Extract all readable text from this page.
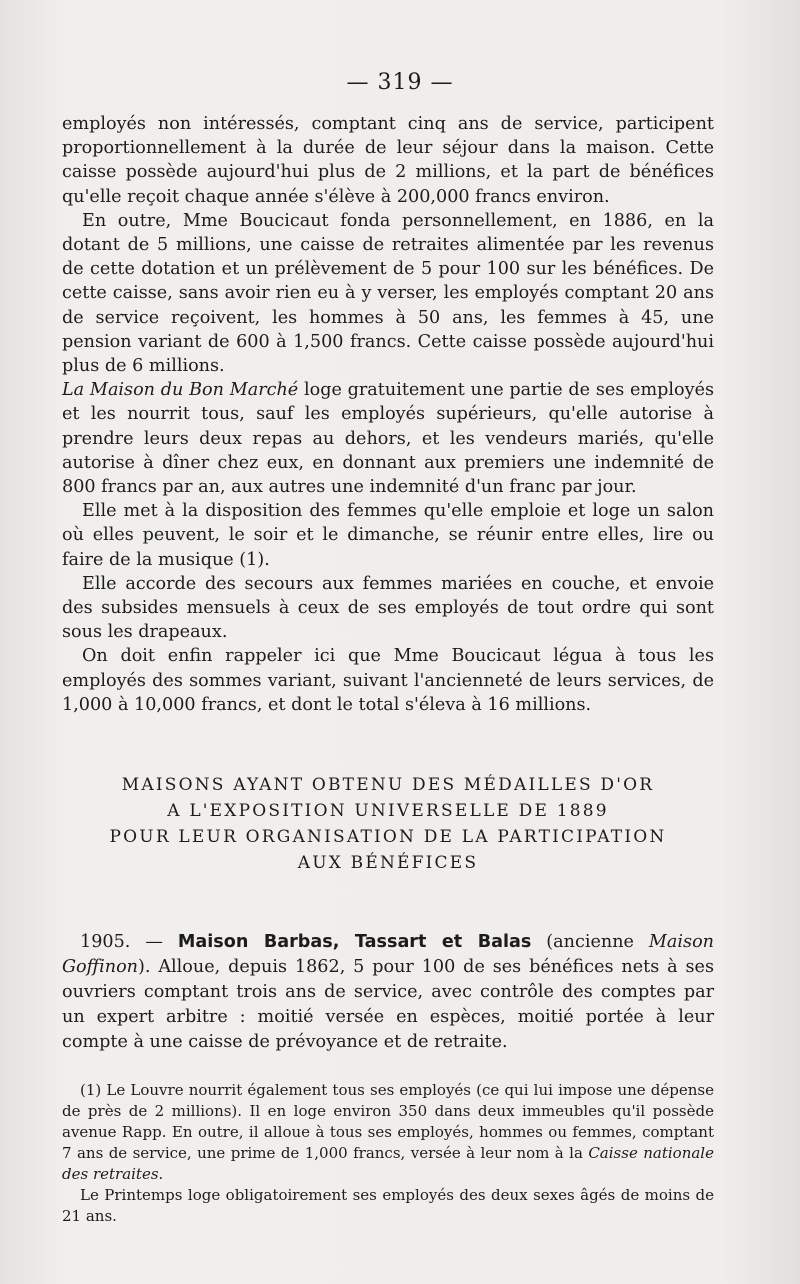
— 319 —

employés non intéressés, comptant cinq ans de service, participent proportionnellement à la durée de leur séjour dans la maison. Cette caisse possède aujourd'hui plus de 2 millions, et la part de bénéfices qu'elle reçoit chaque année s'élève à 200,000 francs environ.

En outre, Mme Boucicaut fonda personnellement, en 1886, en la dotant de 5 millions, une caisse de retraites alimentée par les revenus de cette dotation et un prélèvement de 5 pour 100 sur les bénéfices. De cette caisse, sans avoir rien eu à y verser, les employés comptant 20 ans de service reçoivent, les hommes à 50 ans, les femmes à 45, une pension variant de 600 à 1,500 francs. Cette caisse possède aujourd'hui plus de 6 millions.

La Maison du Bon Marché loge gratuitement une partie de ses employés et les nourrit tous, sauf les employés supérieurs, qu'elle autorise à prendre leurs deux repas au dehors, et les vendeurs mariés, qu'elle autorise à dîner chez eux, en donnant aux premiers une indemnité de 800 francs par an, aux autres une indemnité d'un franc par jour.

Elle met à la disposition des femmes qu'elle emploie et loge un salon où elles peuvent, le soir et le dimanche, se réunir entre elles, lire ou faire de la musique (1).

Elle accorde des secours aux femmes mariées en couche, et envoie des subsides mensuels à ceux de ses employés de tout ordre qui sont sous les drapeaux.

On doit enfin rappeler ici que Mme Boucicaut légua à tous les employés des sommes variant, suivant l'ancienneté de leurs services, de 1,000 à 10,000 francs, et dont le total s'éleva à 16 millions.

MAISONS AYANT OBTENU DES MÉDAILLES D'OR
A L'EXPOSITION UNIVERSELLE DE 1889
POUR LEUR ORGANISATION DE LA PARTICIPATION
AUX BÉNÉFICES

1905. — Maison Barbas, Tassart et Balas (ancienne Maison Goffinon). Alloue, depuis 1862, 5 pour 100 de ses bénéfices nets à ses ouvriers comptant trois ans de service, avec contrôle des comptes par un expert arbitre : moitié versée en espèces, moitié portée à leur compte à une caisse de prévoyance et de retraite.

(1) Le Louvre nourrit également tous ses employés (ce qui lui impose une dépense de près de 2 millions). Il en loge environ 350 dans deux immeubles qu'il possède avenue Rapp. En outre, il alloue à tous ses employés, hommes ou femmes, comptant 7 ans de service, une prime de 1,000 francs, versée à leur nom à la Caisse nationale des retraites.

Le Printemps loge obligatoirement ses employés des deux sexes âgés de moins de 21 ans.
